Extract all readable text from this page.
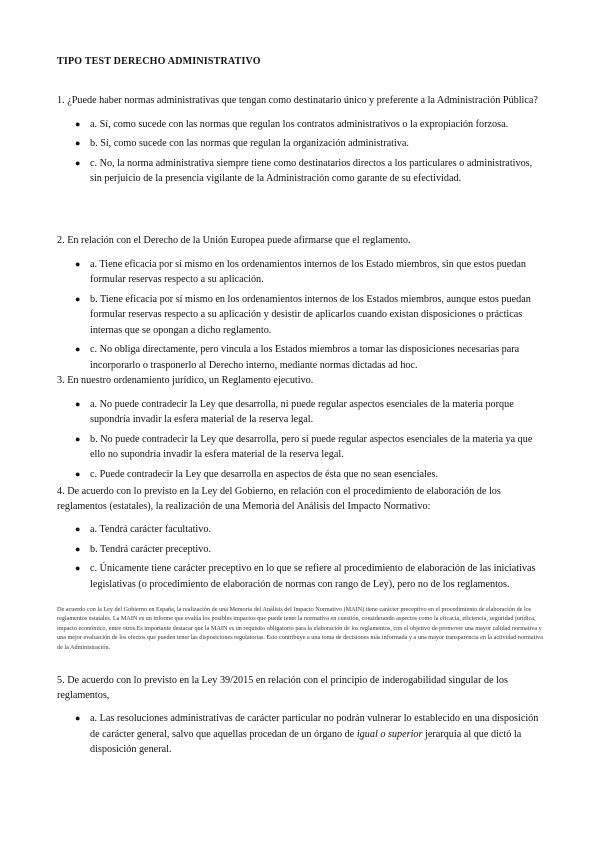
TIPO TEST DERECHO ADMINISTRATIVO

1. ¿Puede haber normas administrativas que tengan como destinatario único y preferente a la Administración Pública?

● a. Sí, como sucede con las normas que regulan los contratos administrativos o la expropiación forzosa.
● b. Sí, como sucede con las normas que regulan la organización administrativa.
● c. No, la norma administrativa siempre tiene como destinatarios directos a los particulares o administrativos, sin perjuicio de la presencia vigilante de la Administración como garante de su efectividad.

2. En relación con el Derecho de la Unión Europea puede afirmarse que el reglamento.

● a. Tiene eficacia por sí mismo en los ordenamientos internos de los Estado miembros, sin que estos puedan formular reservas respecto a su aplicación.
● b. Tiene eficacia por sí mismo en los ordenamientos internos de los Estados miembros, aunque estos puedan formular reservas respecto a su aplicación y desistir de aplicarlos cuando existan disposiciones o prácticas internas que se opongan a dicho reglamento.
● c. No obliga directamente, pero vincula a los Estados miembros a tomar las disposiciones necesarias para incorporarlo o trasponerlo al Derecho interno, mediante normas dictadas ad hoc.

3. En nuestro ordenamiento jurídico, un Reglamento ejecutivo.

● a. No puede contradecir la Ley que desarrolla, ni puede regular aspectos esenciales de la materia porque supondría invadir la esfera material de la reserva legal.
● b. No puede contradecir la Ley que desarrolla, pero sí puede regular aspectos esenciales de la materia ya que ello no supondría invadir la esfera material de la reserva legal.
● c. Puede contradecir la Ley que desarrolla en aspectos de ésta que no sean esenciales.

4. De acuerdo con lo previsto en la Ley del Gobierno, en relación con el procedimiento de elaboración de los reglamentos (estatales), la realización de una Memoria del Análisis del Impacto Normativo:

● a. Tendrá carácter facultativo.
● b. Tendrá carácter preceptivo.
● c. Únicamente tiene carácter preceptivo en lo que se refiere al procedimiento de elaboración de las iniciativas legislativas (o procedimiento de elaboración de normas con rango de Ley), pero no de los reglamentos.
De acuerdo con la Ley del Gobierno en España, la realización de una Memoria del Análisis del Impacto Normativo (MAIN) tiene carácter preceptivo en el procedimiento de elaboración de los reglamentos estatales. La MAIN es un informe que evalúa los posibles impactos que puede tener la normativa en cuestión, considerando aspectos como la eficacia, eficiencia, seguridad jurídica, impacto económico, entre otros.Es importante destacar que la MAIN es un requisito obligatorio para la elaboración de los reglamentos, con el objetivo de promover una mayor calidad normativa y una mejor evaluación de los efectos que pueden tener las disposiciones regulatorias. Esto contribuye a una toma de decisiones más informada y a una mayor transparencia en la actividad normativa de la Administración.

5. De acuerdo con lo previsto en la Ley 39/2015 en relación con el principio de inderogabilidad singular de los reglamentos,

● a. Las resoluciones administrativas de carácter particular no podrán vulnerar lo establecido en una disposición de carácter general, salvo que aquellas procedan de un órgano de igual o superior jerarquía al que dictó la disposición general.
